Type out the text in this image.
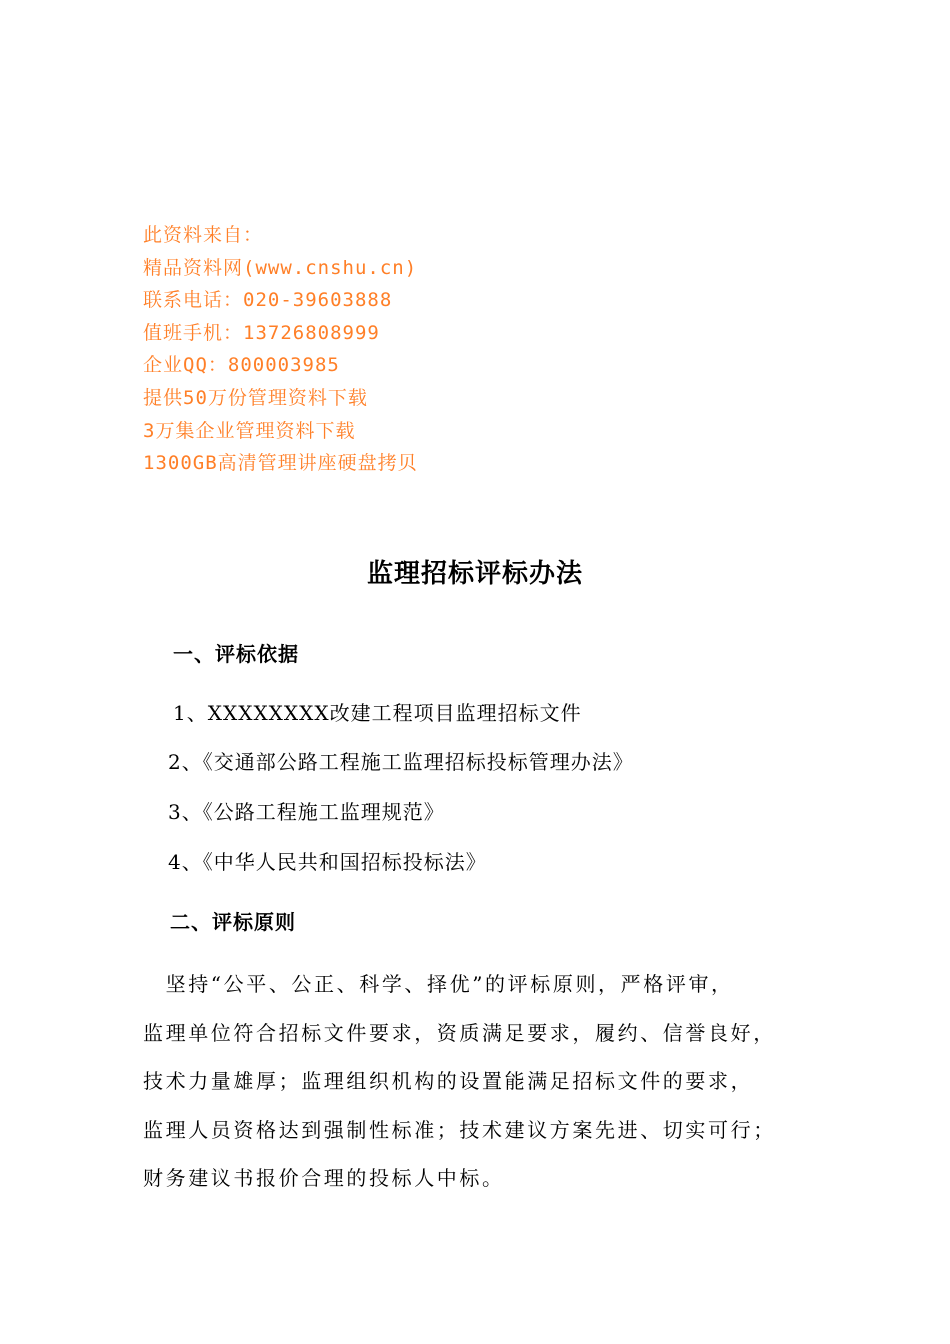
此资料来自：
精品资料网(www.cnshu.cn)
联系电话：020-39603888
值班手机：13726808999
企业QQ：800003985
提供50万份管理资料下载
3万集企业管理资料下载
1300GB高清管理讲座硬盘拷贝
监理招标评标办法
一、评标依据
1、XXXXXXXX改建工程项目监理招标文件
2、《交通部公路工程施工监理招标投标管理办法》
3、《公路工程施工监理规范》
4、《中华人民共和国招标投标法》
二、评标原则
　坚持“公平、公正、科学、择优”的评标原则，严格评审，
监理单位符合招标文件要求，资质满足要求，履约、信誉良好，
技术力量雄厚；监理组织机构的设置能满足招标文件的要求，
监理人员资格达到强制性标准；技术建议方案先进、切实可行；
财务建议书报价合理的投标人中标。
